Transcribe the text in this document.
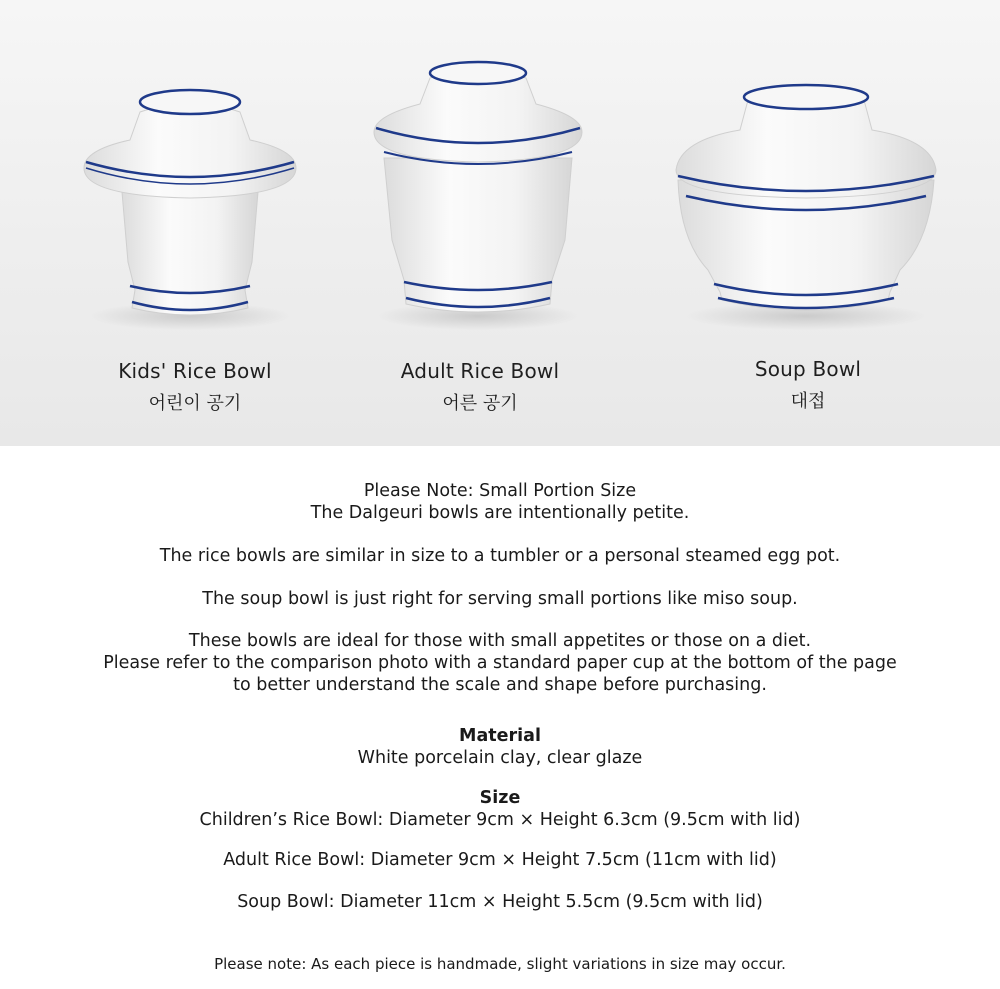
Kids' Rice Bowl
어린이 공기
Adult Rice Bowl
어른 공기
Soup Bowl
대접

Please Note: Small Portion Size

The Dalgeuri bowls are intentionally petite.

The rice bowls are similar in size to a tumbler or a personal steamed egg pot.

The soup bowl is just right for serving small portions like miso soup.

These bowls are ideal for those with small appetites or those on a diet.

Please refer to the comparison photo with a standard paper cup at the bottom of the page

to better understand the scale and shape before purchasing.

Material

White porcelain clay, clear glaze

Size

Children’s Rice Bowl: Diameter 9cm × Height 6.3cm (9.5cm with lid)

Adult Rice Bowl: Diameter 9cm × Height 7.5cm (11cm with lid)

Soup Bowl: Diameter 11cm × Height 5.5cm (9.5cm with lid)

Please note: As each piece is handmade, slight variations in size may occur.
